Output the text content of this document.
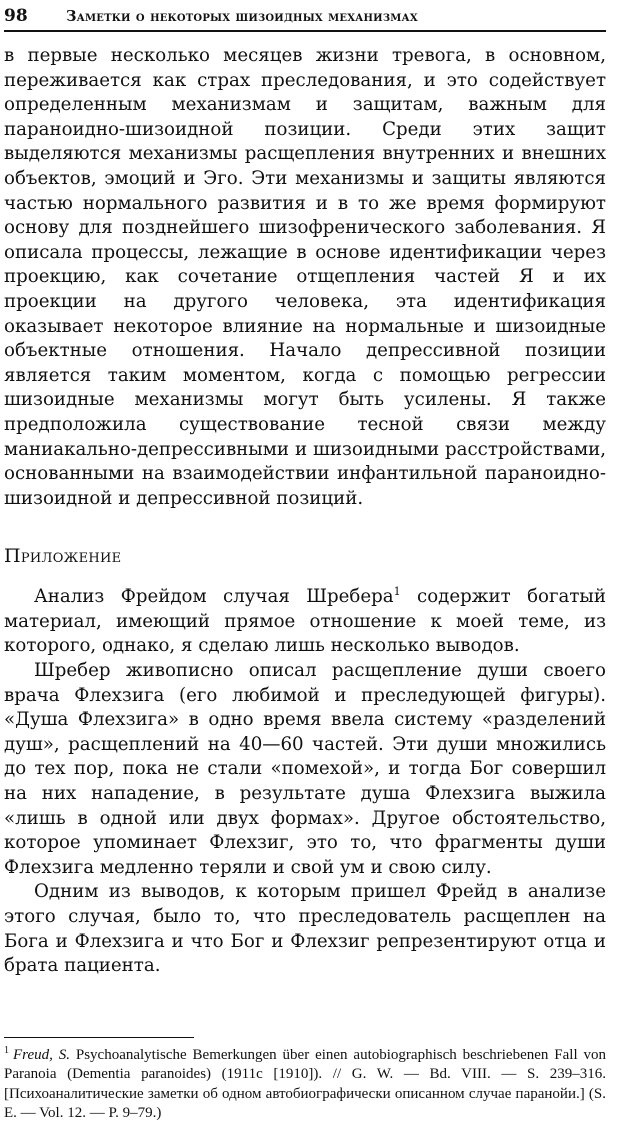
98	Заметки о некоторых шизоидных механизмах

в первые несколько месяцев жизни тревога, в основном, переживается как страх преследования, и это содействует определенным механизмам и защитам, важным для параноидно-шизоидной позиции. Среди этих защит выделяются механизмы расщепления внутренних и внешних объектов, эмоций и Эго. Эти механизмы и защиты являются частью нормального развития и в то же время формируют основу для позднейшего шизофренического заболевания. Я описала процессы, лежащие в основе идентификации через проекцию, как сочетание отщепления частей Я и их проекции на другого человека, эта идентификация оказывает некоторое влияние на нормальные и шизоидные объектные отношения. Начало депрессивной позиции является таким моментом, когда с помощью регрессии шизоидные механизмы могут быть усилены. Я также предположила существование тесной связи между маниакально-депрессивными и шизоидными расстройствами, основанными на взаимодействии инфантильной параноидно-шизоидной и депрессивной позиций.

Приложение

Анализ Фрейдом случая Шребера$^1$ содержит богатый материал, имеющий прямое отношение к моей теме, из которого, однако, я сделаю лишь несколько выводов.

Шребер живописно описал расщепление души своего врача Флехзига (его любимой и преследующей фигуры). «Душа Флехзига» в одно время ввела систему «разделений душ», расщеплений на 40—60 частей. Эти души множились до тех пор, пока не стали «помехой», и тогда Бог совершил на них нападение, в результате душа Флехзига выжила «лишь в одной или двух формах». Другое обстоятельство, которое упоминает Флехзиг, это то, что фрагменты души Флехзига медленно теряли и свой ум и свою силу.

Одним из выводов, к которым пришел Фрейд в анализе этого случая, было то, что преследователь расщеплен на Бога и Флехзига и что Бог и Флехзиг репрезентируют отца и брата пациента.

$^1$ Freud, S. Psychoanalytische Bemerkungen über einen autobiographisch beschriebenen Fall von Paranoia (Dementia paranoides) (1911c [1910]). // G. W. — Bd. VIII. — S. 239–316. [Психоаналитические заметки об одном автобиографически описанном случае паранойи.] (S. E. — Vol. 12. — P. 9–79.)
